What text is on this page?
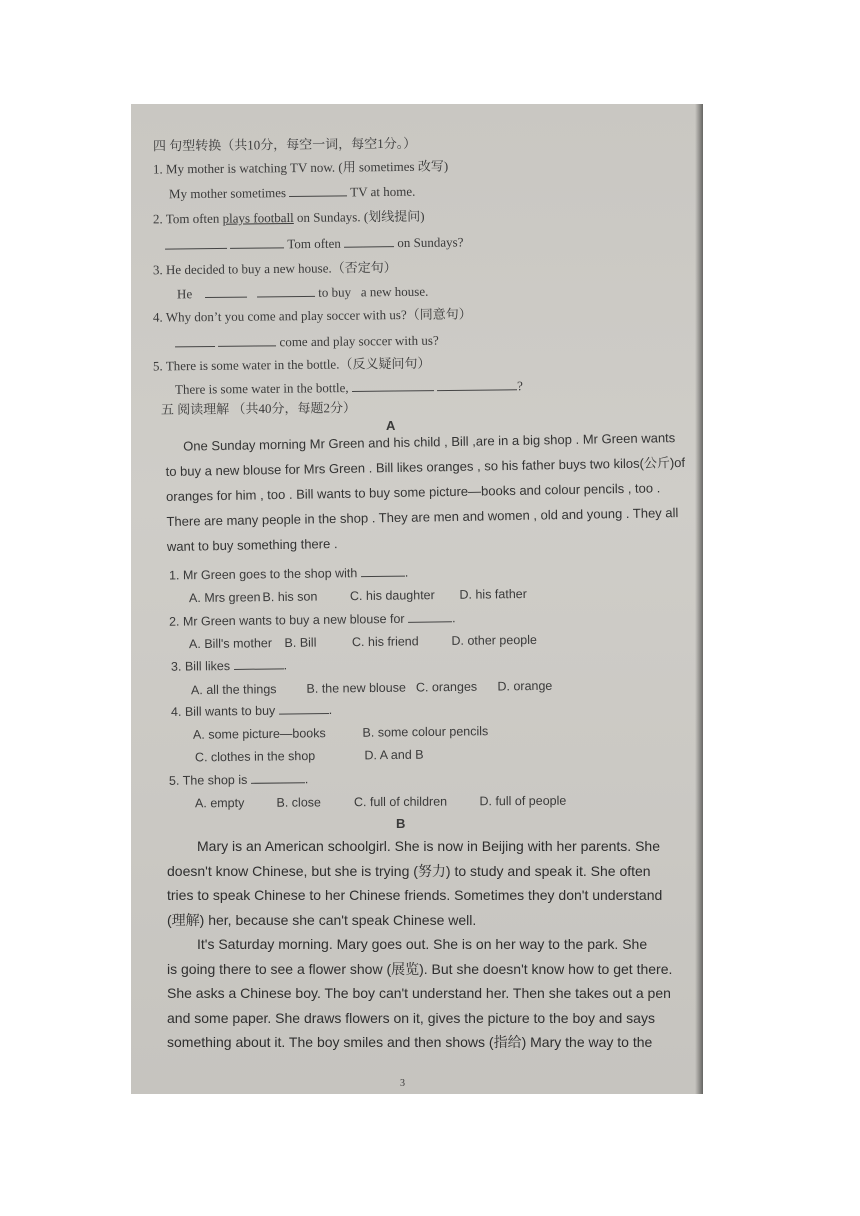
四 句型转换（共10分，每空一词，每空1分。）
1. My mother is watching TV now. (用 sometimes 改写)
My mother sometimes	TV at home.
2. Tom often plays football on Sundays. (划线提问)
Tom often	on Sundays?
3. He decided to buy a new house.（否定句）
He	to buy a new house.
4. Why don’t you come and play soccer with us?（同意句）
come and play soccer with us?
5. There is some water in the bottle.（反义疑问句）
There is some water in the bottle,	?
五 阅读理解 （共40分，每题2分）
A
One Sunday morning Mr Green and his child , Bill ,are in a big shop . Mr Green wants
to buy a new blouse for Mrs Green . Bill likes oranges , so his father buys two kilos(公斤)of
oranges for him , too . Bill wants to buy some picture—books and colour pencils , too .
There are many people in the shop . They are men and women , old and young . They all
want to buy something there .
1. Mr Green goes to the shop with	.
A. Mrs green B. his son	C. his daughter D. his father
2. Mr Green wants to buy a new blouse for	.
A. Bill's mother B. Bill	C. his friend	D. other people
3. Bill likes	.
A. all the things B. the new blouse C. oranges D. orange
4. Bill wants to buy	.
A. some picture—books	B. some colour pencils
C. clothes in the shop	D. A and B
5. The shop is	.
A. empty	B. close	C. full of children	D. full of people
B
Mary is an American schoolgirl. She is now in Beijing with her parents. She
doesn't know Chinese, but she is trying (努力) to study and speak it. She often
tries to speak Chinese to her Chinese friends. Sometimes they don't understand
(理解) her, because she can't speak Chinese well.
It's Saturday morning. Mary goes out. She is on her way to the park. She
is going there to see a flower show (展览). But she doesn't know how to get there.
She asks a Chinese boy. The boy can't understand her. Then she takes out a pen
and some paper. She draws flowers on it, gives the picture to the boy and says
something about it. The boy smiles and then shows (指给) Mary the way to the
3
